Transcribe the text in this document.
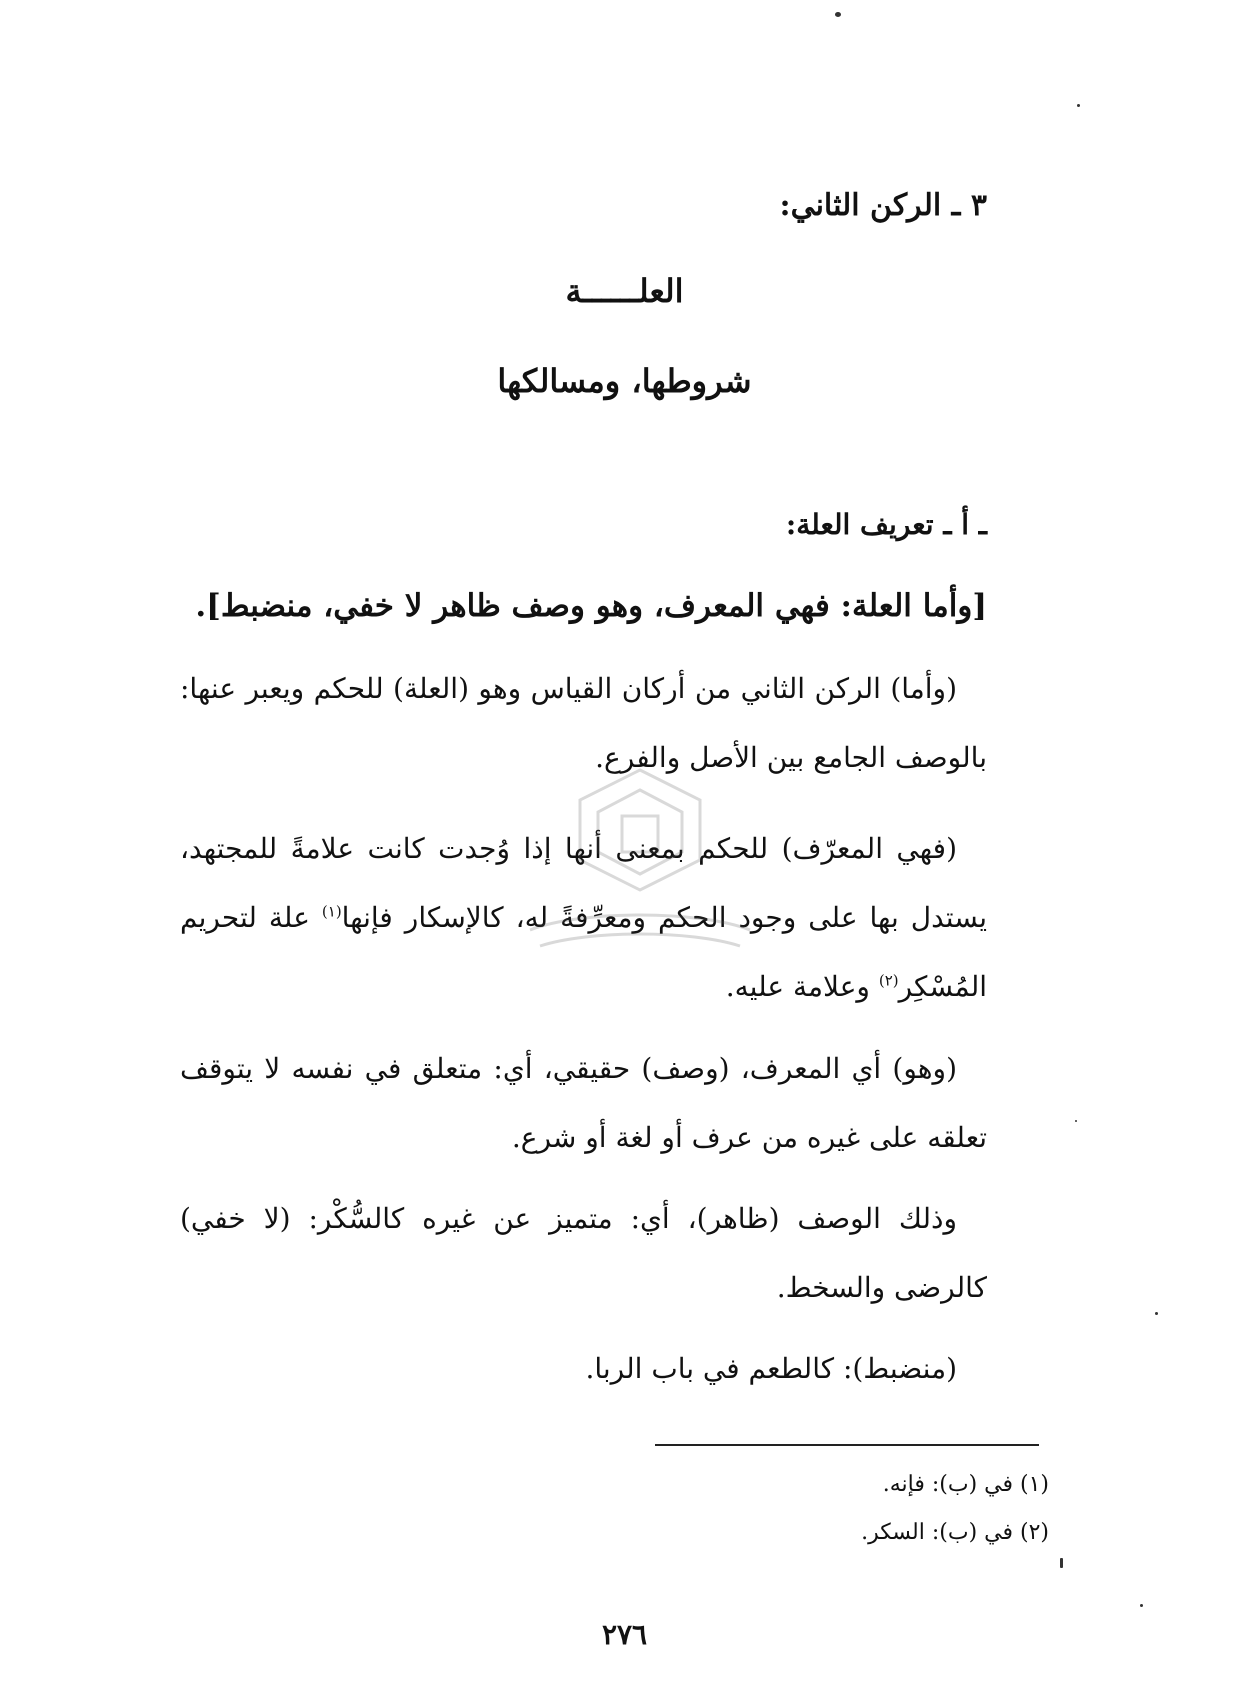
٣ ـ الركن الثاني:
العلــــــة
شروطها، ومسالكها
ـ أ ـ تعريف العلة:
[وأما العلة: فهي المعرف، وهو وصف ظاهر لا خفي، منضبط].
(وأما) الركن الثاني من أركان القياس وهو (العلة) للحكم ويعبر عنها: بالوصف الجامع بين الأصل والفرع.
(فهي المعرّف) للحكم بمعنى أنها إذا وُجدت كانت علامةً للمجتهد، يستدل بها على وجود الحكم ومعرِّفةً له، كالإسكار فإنها$^{(١)}$ علة لتحريم المُسْكِر$^{(٢)}$ وعلامة عليه.
(وهو) أي المعرف، (وصف) حقيقي، أي: متعلق في نفسه لا يتوقف تعلقه على غيره من عرف أو لغة أو شرع.
وذلك الوصف (ظاهر)، أي: متميز عن غيره كالسُّكْر: (لا خفي) كالرضى والسخط.
(منضبط): كالطعم في باب الربا.
(١) في (ب): فإنه.
(٢) في (ب): السكر.
٢٧٦
